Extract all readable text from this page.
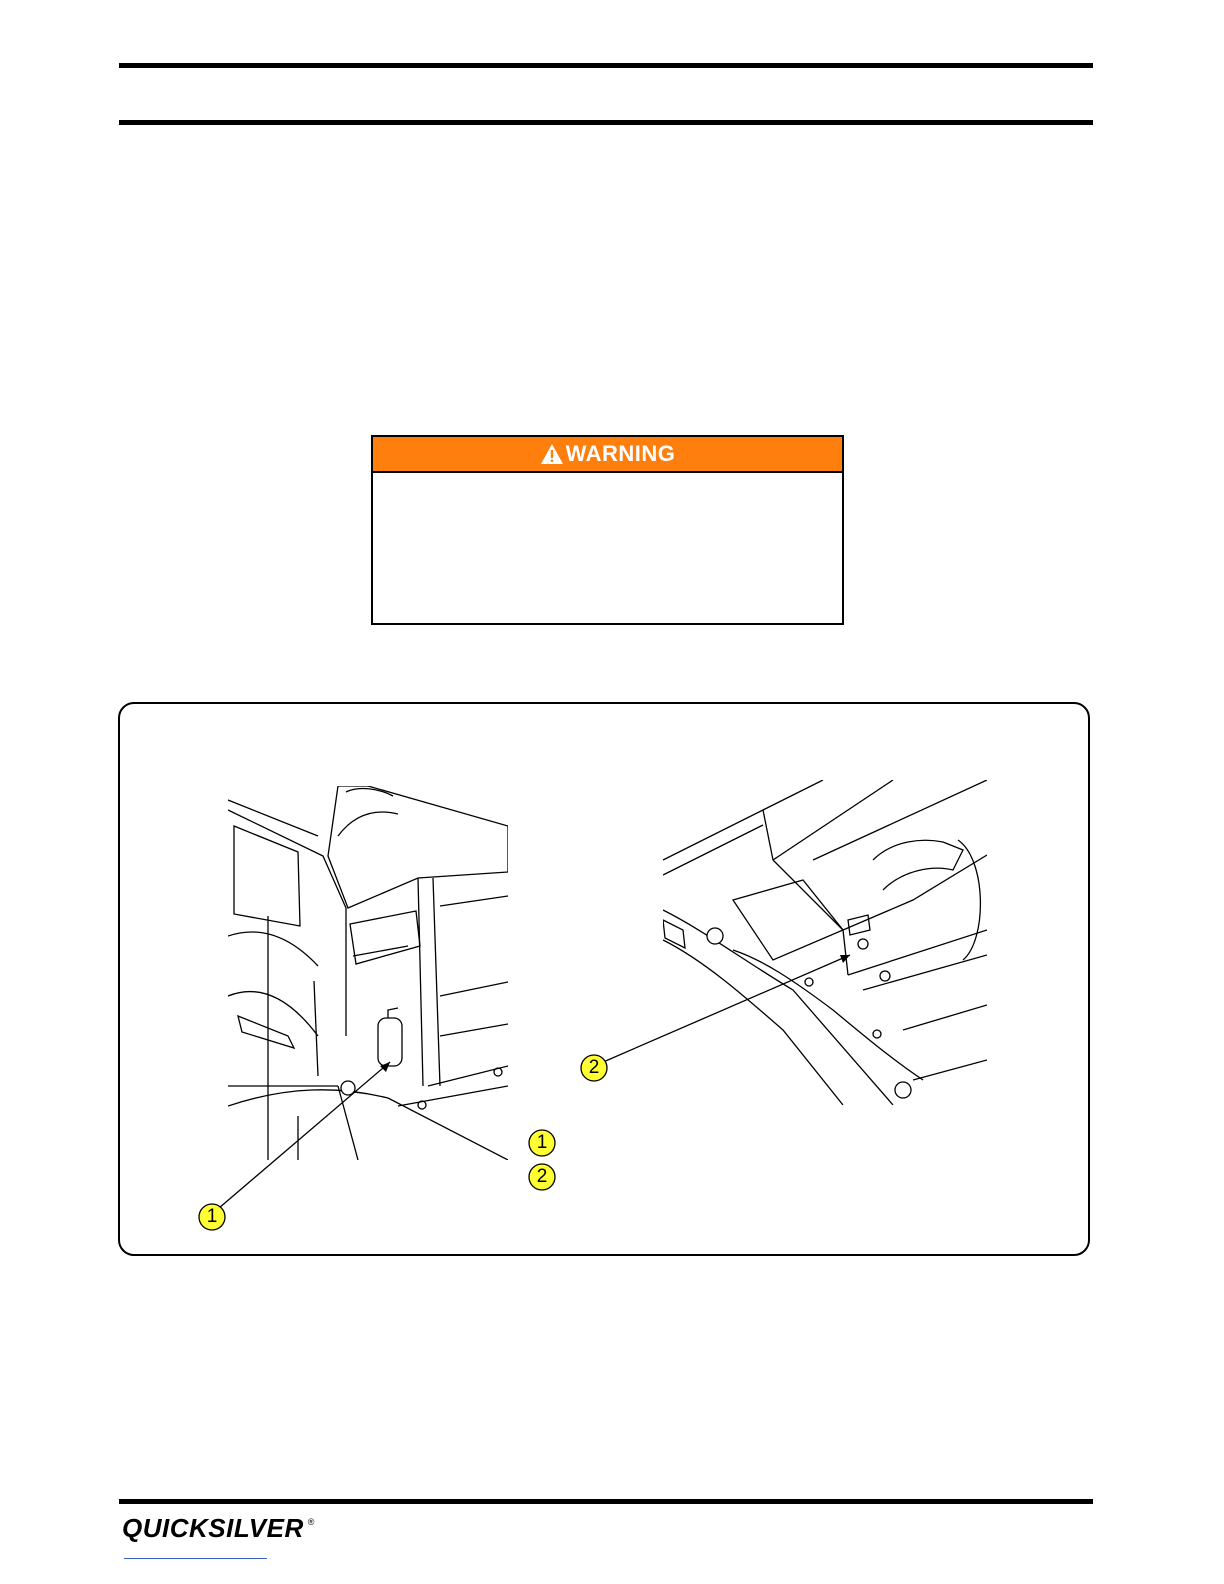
WARNING
1
2
1
2
QUICKSILVER ®
